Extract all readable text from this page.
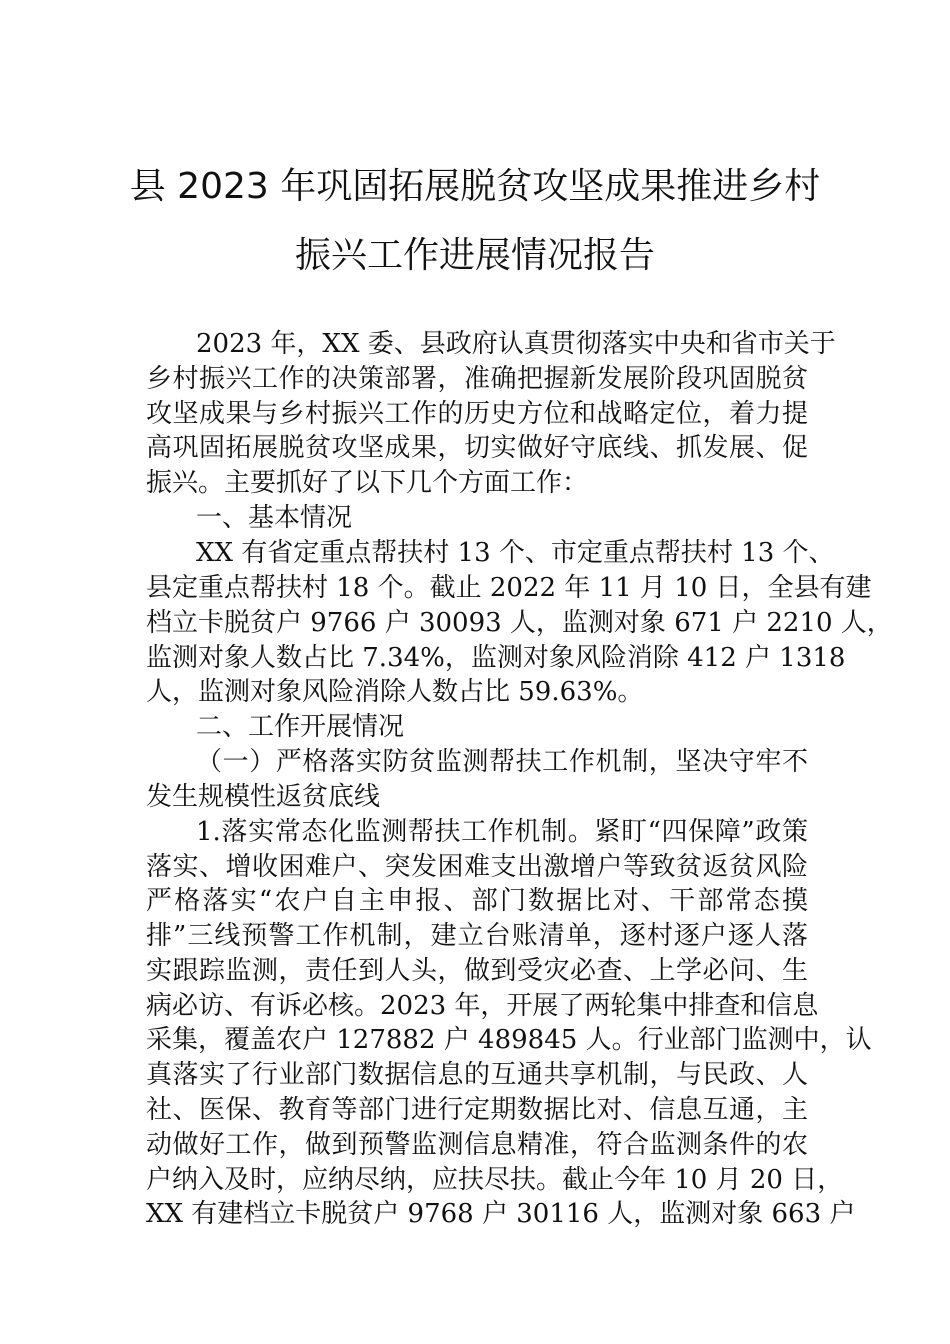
县 2023 年巩固拓展脱贫攻坚成果推进乡村
振兴工作进展情况报告
2023 年，XX 委、县政府认真贯彻落实中央和省市关于
乡村振兴工作的决策部署，准确把握新发展阶段巩固脱贫
攻坚成果与乡村振兴工作的历史方位和战略定位，着力提
高巩固拓展脱贫攻坚成果，切实做好守底线、抓发展、促
振兴。主要抓好了以下几个方面工作：
一、基本情况
XX 有省定重点帮扶村 13 个、市定重点帮扶村 13 个、
县定重点帮扶村 18 个。截止 2022 年 11 月 10 日，全县有建
档立卡脱贫户 9766 户 30093 人，监测对象 671 户 2210 人，
监测对象人数占比 7.34%，监测对象风险消除 412 户 1318
人，监测对象风险消除人数占比 59.63%。
二、工作开展情况
（一）严格落实防贫监测帮扶工作机制，坚决守牢不
发生规模性返贫底线
1.落实常态化监测帮扶工作机制。紧盯“四保障”政策
落实、增收困难户、突发困难支出激增户等致贫返贫风险
严格落实“农户自主申报、部门数据比对、干部常态摸
排”三线预警工作机制，建立台账清单，逐村逐户逐人落
实跟踪监测，责任到人头，做到受灾必查、上学必问、生
病必访、有诉必核。2023 年，开展了两轮集中排查和信息
采集，覆盖农户 127882 户 489845 人。行业部门监测中，认
真落实了行业部门数据信息的互通共享机制，与民政、人
社、医保、教育等部门进行定期数据比对、信息互通，主
动做好工作，做到预警监测信息精准，符合监测条件的农
户纳入及时，应纳尽纳，应扶尽扶。截止今年 10 月 20 日，
XX 有建档立卡脱贫户 9768 户 30116 人，监测对象 663 户
